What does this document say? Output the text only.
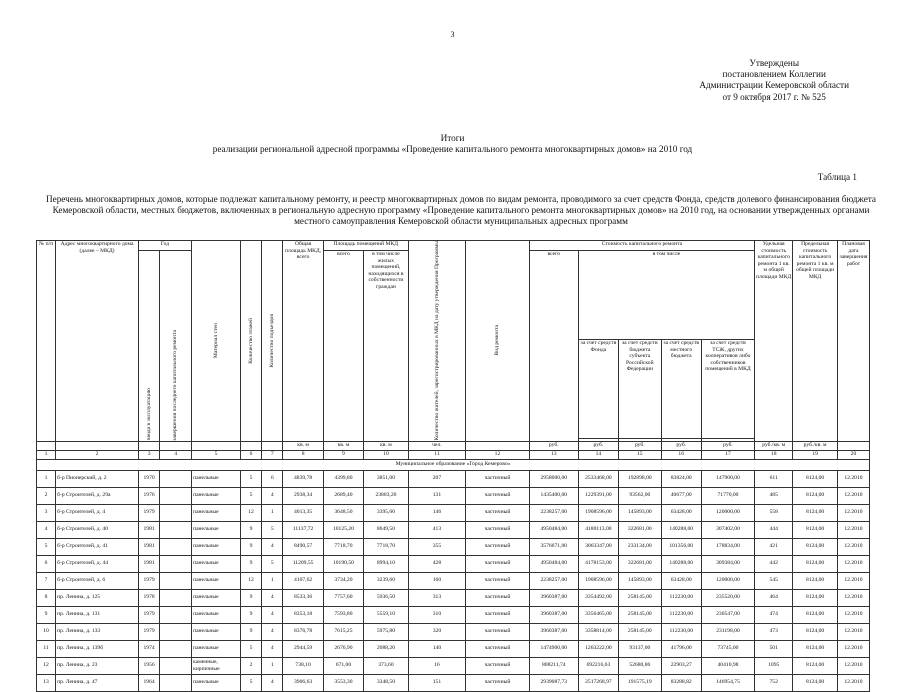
3
Утверждены
постановлением Коллегии
Администрации Кемеровской области
от 9 октября 2017 г. № 525
Итоги
реализации региональной адресной программы «Проведение капитального ремонта многоквартирных домов» на 2010 год
Таблица 1
Перечень многоквартирных домов, которые подлежат капитальному ремонту, и реестр многоквартирных домов по видам ремонта, проводимого за счет средств Фонда, средств долевого финансирования бюджета Кемеровской области, местных бюджетов, включенных в региональную адресную программу «Проведение капитального ремонта многоквартирных домов» на 2010 год, на основании утвержденных органами местного самоуправления Кемеровской области муниципальных адресных программ
№ п/п	Адрес многоквартирного дома (далее – МКД)	Год		Материал стен	Количество этажей	Количество подъездов	Общая площадь МКД, всего	Площадь помещений МКД		Количество жителей, зарегистрированных в МКД на дату утверждения Программы	Вид ремонта	Стоимость капитального ремонта					Удельная стоимость капитального ремонта 1 кв. м общей площади МКД	Предельная стоимость капитального ремонта 1 кв. м общей площади МКД	Плановая дата завершения работ

		ввода в эксплуатацию	завершения последнего капитального ремонта					всего	в том числе жилых помещений, находящихся в собственности граждан			всего	в том числе						
													за счет средств Фонда	за счет средств бюджета субъекта Российской Федерации	за счет средств местного бюджета	за счет средств ТСЖ, других кооперативов либо собственников помещений в МКД			

							кв. м	кв. м	кв. м	чел.		руб.	руб.	руб.	руб.	руб.	руб./кв. м	руб./кв. м	
1	2	3	4	5	6	7	8	9	10	11	12	13	14	15	16	17	18	19	20
Муниципальное образование «Город Кемерово»																			
1	б-р Пионерский, д. 2	1970		панельные	5	6	4839,78	4399,80	3851,00	207	частичный	2958000,00	2533468,00	192898,00	83824,00	147900,00	611	8124,00	12.2010
2	б-р Строителей, д. 29а	1976		панельные	5	4	2938,34	2689,40	23883,20	131	частичный	1435400,00	1229391,00	93562,00	40677,00	71770,00	485	8124,00	12.2010
3	б-р Строителей, д. 4	1979		панельные	12	1	4013,35	3648,50	3395,60	146	частичный	2238257,00	1908596,00	145893,00	63428,00	120000,00	558	8124,00	12.2010
4	б-р Строителей, д. 40	1981		панельные	9	5	11137,72	10125,20	8649,50	413	частичный	4950484,00	4180113,00	322681,00	140288,00	307402,00	444	8124,00	12.2010
5	б-р Строителей, д. 41	1981		панельные	9	4	8490,57	7718,70	7718,70	355	частичный	3576671,00	3063347,00	233134,00	101356,00	178834,00	421	8124,00	12.2010
6	б-р Строителей, д. 44	1981		панельные	9	5	11209,55	10190,50	8994,10	428	частичный	4950484,00	4178153,00	322681,00	140288,00	309384,00	442	8124,00	12.2010
7	б-р Строителей, д. 6	1979		панельные	12	1	4107,62	3734,20	3239,60	160	частичный	2238257,00	1908596,00	145893,00	63428,00	120000,00	545	8124,00	12.2010
8	пр. Ленина, д. 125	1978		панельные	9	4	8533,36	7757,60	5936,50	313	частичный	3960387,00	3354492,00	258145,00	112230,00	235520,00	464	8124,00	12.2010
9	пр. Ленина, д. 131	1979		панельные	9	4	8353,18	7593,80	5559,10	310	частичный	3960387,00	3356465,00	258145,00	112230,00	230547,00	474	8124,00	12.2010
10	пр. Ленина, д. 133	1979		панельные	9	4	8376,78	7615,25	5975,80	320	частичный	3960387,00	3358814,00	258145,00	112230,00	231198,00	473	8124,00	12.2010
11	пр. Ленина, д. 139б	1974		панельные	5	4	2944,59	2676,90	2088,20	140	частичный	1474900,00	1263222,00	93137,00	41796,00	73745,00	501	8124,00	12.2010
12	пр. Ленина, д. 23	1956		каменные, кирпичные	2	1	738,10	671,00	373,60	16	частичный	808211,74	692216,63	52680,86	22903,27	40410,98	1095	8124,00	12.2010
13	пр. Ленина, д. 47	1964		панельные	5	4	3906,63	3553,30	3348,50	151	частичный	2939087,73	2517268,97	191575,19	83288,82	146954,75	752	8124,00	12.2010
